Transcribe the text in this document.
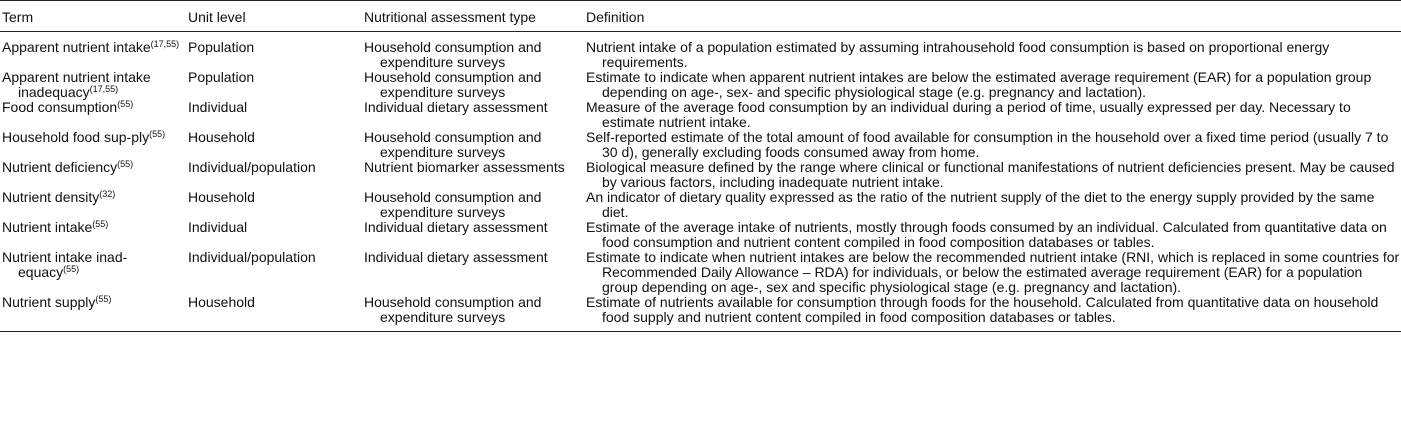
Term	Unit level	Nutritional assessment type	Definition

Apparent nutrient intake$^{(17,55)}$	Population	Household consumption and expenditure surveys	Nutrient intake of a population estimated by assuming intrahousehold food consumption is based on proportional energy requirements.

Apparent nutrient intake inadequacy$^{(17,55)}$	Population	Household consumption and expenditure surveys	Estimate to indicate when apparent nutrient intakes are below the estimated average requirement (EAR) for a population group depending on age-, sex- and specific physiological stage (e.g. pregnancy and lactation).

Food consumption$^{(55)}$	Individual	Individual dietary assessment	Measure of the average food consumption by an individual during a period of time, usually expressed per day. Necessary to estimate nutrient intake.

Household food sup-ply$^{(55)}$	Household	Household consumption and expenditure surveys	Self-reported estimate of the total amount of food available for consumption in the household over a fixed time period (usually 7 to 30 d), generally excluding foods consumed away from home.

Nutrient deficiency$^{(55)}$	Individual/population	Nutrient biomarker assessments	Biological measure defined by the range where clinical or functional manifestations of nutrient deficiencies present. May be caused by various factors, including inadequate nutrient intake.

Nutrient density$^{(32)}$	Household	Household consumption and expenditure surveys	An indicator of dietary quality expressed as the ratio of the nutrient supply of the diet to the energy supply provided by the same diet.

Nutrient intake$^{(55)}$	Individual	Individual dietary assessment	Estimate of the average intake of nutrients, mostly through foods consumed by an individual. Calculated from quantitative data on food consumption and nutrient content compiled in food composition databases or tables.

Nutrient intake inad-equacy$^{(55)}$	Individual/population	Individual dietary assessment	Estimate to indicate when nutrient intakes are below the recommended nutrient intake (RNI, which is replaced in some countries for Recommended Daily Allowance – RDA) for individuals, or below the estimated average requirement (EAR) for a population group depending on age-, sex and specific physiological stage (e.g. pregnancy and lactation).

Nutrient supply$^{(55)}$	Household	Household consumption and expenditure surveys	Estimate of nutrients available for consumption through foods for the household. Calculated from quantitative data on household food supply and nutrient content compiled in food composition databases or tables.
